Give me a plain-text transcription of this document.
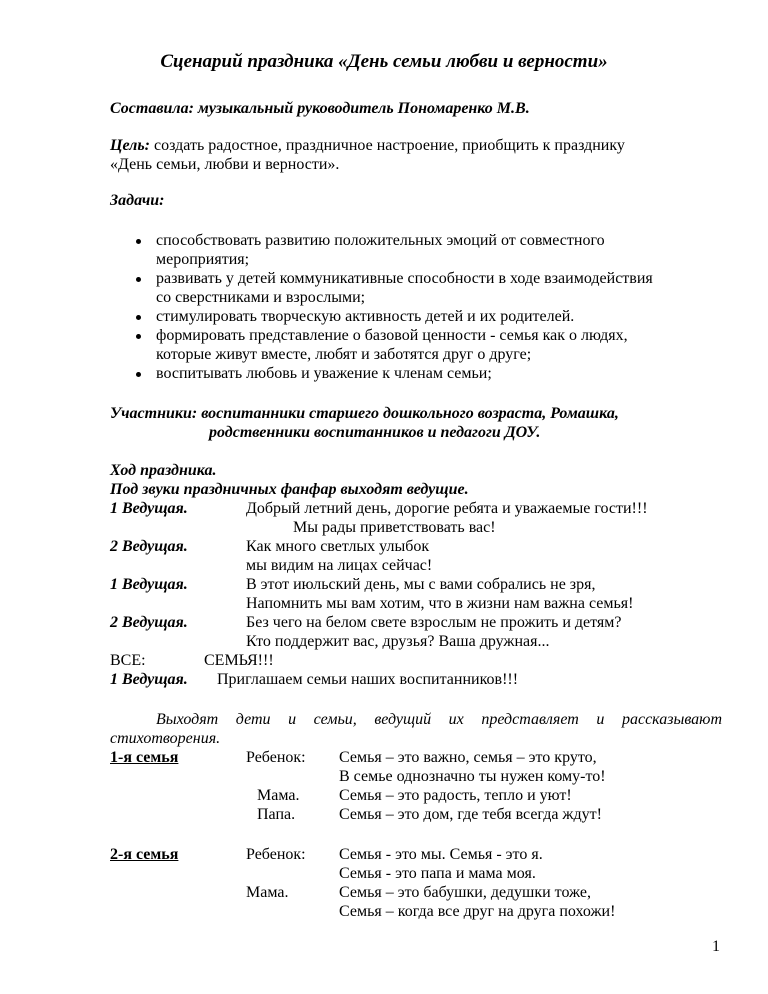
Сценарий праздника «День семьи любви и верности»
Составила: музыкальный руководитель Пономаренко М.В.
Цель: создать радостное, праздничное настроение, приобщить к празднику
«День семьи, любви и верности».
Задачи:
способствовать развитию положительных эмоций от совместного
мероприятия;
развивать у детей коммуникативные способности в ходе взаимодействия
со сверстниками и взрослыми;
стимулировать творческую активность детей и их родителей.
формировать представление о базовой ценности - семья как о людях,
которые живут вместе, любят и заботятся друг о друге;
воспитывать любовь и уважение к членам семьи;
Участники: воспитанники старшего дошкольного возраста, Ромашка,
родственники воспитанников и педагоги ДОУ.
Ход праздника.
Под звуки праздничных фанфар выходят ведущие.
1 Ведущая.	Добрый летний день, дорогие ребята и уважаемые гости!!!
Мы рады приветствовать вас!
2 Ведущая.	Как много светлых улыбок
мы видим на лицах сейчас!
1 Ведущая.	В этот июльский день, мы с вами собрались не зря,
Напомнить мы вам хотим, что в жизни нам важна семья!
2 Ведущая.	Без чего на белом свете взрослым не прожить и детям?
Кто поддержит вас, друзья? Ваша дружная...
ВСЕ:	СЕМЬЯ!!!
1 Ведущая. Приглашаем семьи наших воспитанников!!!
Выходят дети и семьи, ведущий их представляет и рассказывают
стихотворения.
1-я семья	Ребенок: Семья – это важно, семья – это круто,
В семье однозначно ты нужен кому-то!
Мама. Семья – это радость, тепло и уют!
Папа.	Семья – это дом, где тебя всегда ждут!
2-я семья	Ребенок: Семья - это мы. Семья - это я.
Семья - это папа и мама моя.
Мама.	Семья – это бабушки, дедушки тоже,
Семья – когда все друг на друга похожи!
1
